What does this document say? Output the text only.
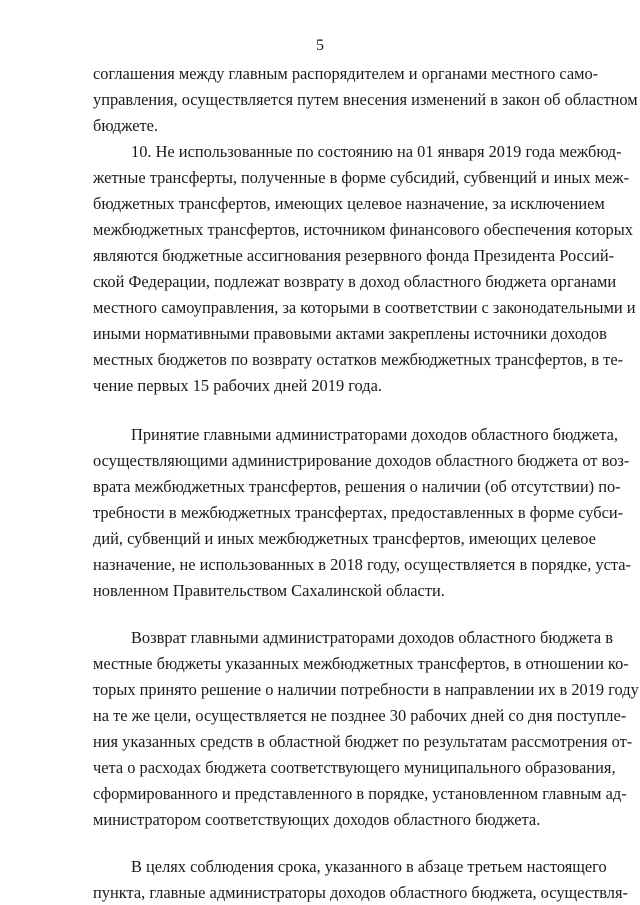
5
соглашения между главным распорядителем и органами местного само-
управления, осуществляется путем внесения изменений в закон об областном
бюджете.
10. Не использованные по состоянию на 01 января 2019 года межбюд-
жетные трансферты, полученные в форме субсидий, субвенций и иных меж-
бюджетных трансфертов, имеющих целевое назначение, за исключением
межбюджетных трансфертов, источником финансового обеспечения которых
являются бюджетные ассигнования резервного фонда Президента Россий-
ской Федерации, подлежат возврату в доход областного бюджета органами
местного самоуправления, за которыми в соответствии с законодательными и
иными нормативными правовыми актами закреплены источники доходов
местных бюджетов по возврату остатков межбюджетных трансфертов, в те-
чение первых 15 рабочих дней 2019 года.
Принятие главными администраторами доходов областного бюджета,
осуществляющими администрирование доходов областного бюджета от воз-
врата межбюджетных трансфертов, решения о наличии (об отсутствии) по-
требности в межбюджетных трансфертах, предоставленных в форме субси-
дий, субвенций и иных межбюджетных трансфертов, имеющих целевое
назначение, не использованных в 2018 году, осуществляется в порядке, уста-
новленном Правительством Сахалинской области.
Возврат главными администраторами доходов областного бюджета в
местные бюджеты указанных межбюджетных трансфертов, в отношении ко-
торых принято решение о наличии потребности в направлении их в 2019 году
на те же цели, осуществляется не позднее 30 рабочих дней со дня поступле-
ния указанных средств в областной бюджет по результатам рассмотрения от-
чета о расходах бюджета соответствующего муниципального образования,
сформированного и представленного в порядке, установленном главным ад-
министратором соответствующих доходов областного бюджета.
В целях соблюдения срока, указанного в абзаце третьем настоящего
пункта, главные администраторы доходов областного бюджета, осуществля-
